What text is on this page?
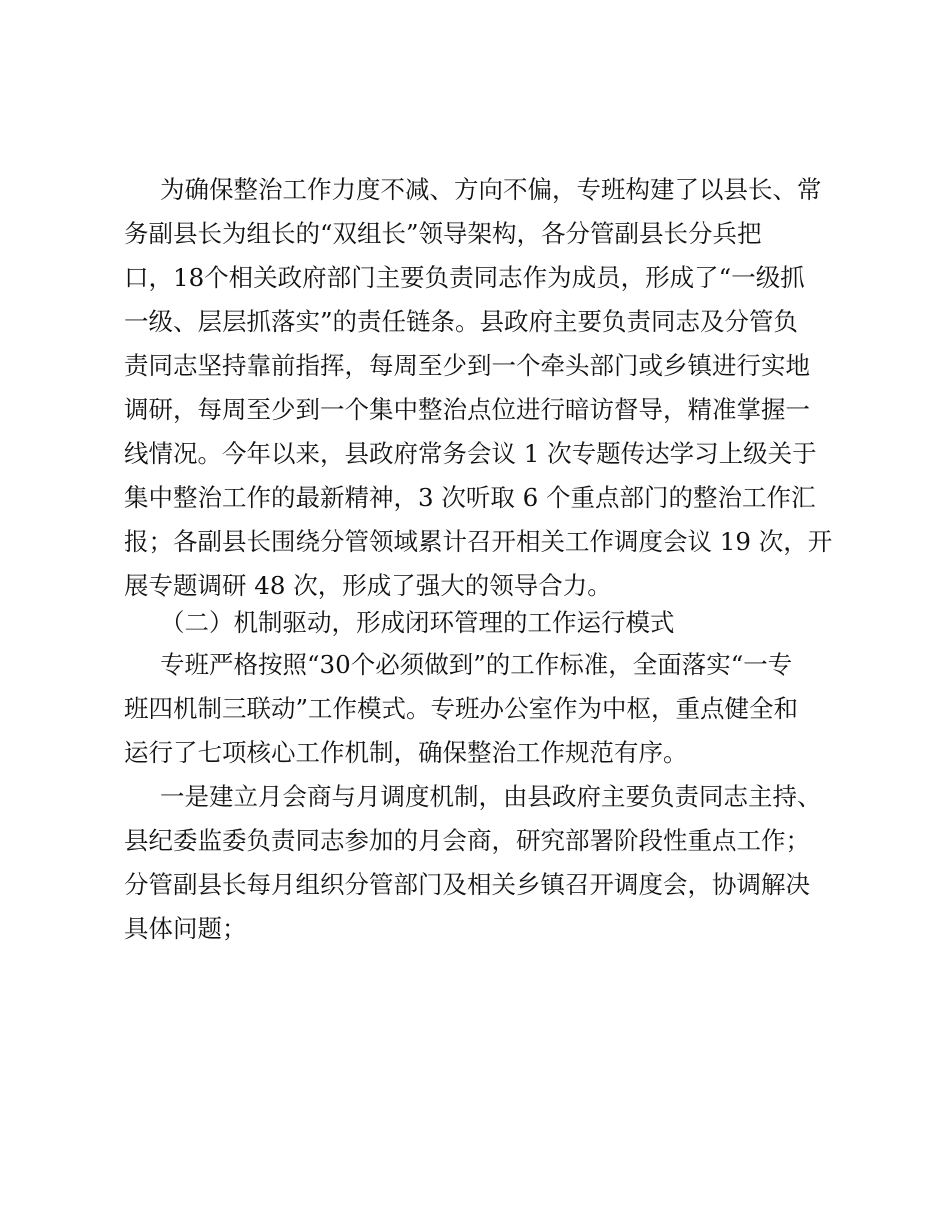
为确保整治工作力度不减、方向不偏，专班构建了以县长、常
务副县长为组长的“双组长”领导架构，各分管副县长分兵把
口，18个相关政府部门主要负责同志作为成员，形成了“一级抓
一级、层层抓落实”的责任链条。县政府主要负责同志及分管负
责同志坚持靠前指挥，每周至少到一个牵头部门或乡镇进行实地
调研，每周至少到一个集中整治点位进行暗访督导，精准掌握一
线情况。今年以来，县政府常务会议 1 次专题传达学习上级关于
集中整治工作的最新精神，3 次听取 6 个重点部门的整治工作汇
报；各副县长围绕分管领域累计召开相关工作调度会议 19 次，开
展专题调研 48 次，形成了强大的领导合力。
（二）机制驱动，形成闭环管理的工作运行模式
专班严格按照“30个必须做到”的工作标准，全面落实“一专
班四机制三联动”工作模式。专班办公室作为中枢，重点健全和
运行了七项核心工作机制，确保整治工作规范有序。
一是建立月会商与月调度机制，由县政府主要负责同志主持、
县纪委监委负责同志参加的月会商，研究部署阶段性重点工作；
分管副县长每月组织分管部门及相关乡镇召开调度会，协调解决
具体问题；
